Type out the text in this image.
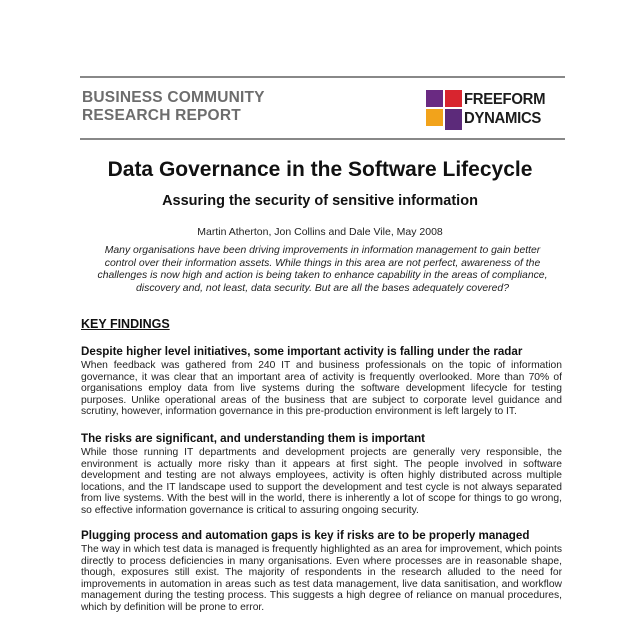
BUSINESS COMMUNITY
RESEARCH REPORT
FREEFORM
DYNAMICS
Data Governance in the Software Lifecycle
Assuring the security of sensitive information
Martin Atherton, Jon Collins and Dale Vile, May 2008
Many organisations have been driving improvements in information management to gain better control over their information assets. While things in this area are not perfect, awareness of the challenges is now high and action is being taken to enhance capability in the areas of compliance, discovery and, not least, data security. But are all the bases adequately covered?
KEY FINDINGS
Despite higher level initiatives, some important activity is falling under the radar
When feedback was gathered from 240 IT and business professionals on the topic of information governance, it was clear that an important area of activity is frequently overlooked. More than 70% of organisations employ data from live systems during the software development lifecycle for testing purposes. Unlike operational areas of the business that are subject to corporate level guidance and scrutiny, however, information governance in this pre-production environment is left largely to IT.
The risks are significant, and understanding them is important
While those running IT departments and development projects are generally very responsible, the environment is actually more risky than it appears at first sight. The people involved in software development and testing are not always employees, activity is often highly distributed across multiple locations, and the IT landscape used to support the development and test cycle is not always separated from live systems. With the best will in the world, there is inherently a lot of scope for things to go wrong, so effective information governance is critical to assuring ongoing security.
Plugging process and automation gaps is key if risks are to be properly managed
The way in which test data is managed is frequently highlighted as an area for improvement, which points directly to process deficiencies in many organisations. Even where processes are in reasonable shape, though, exposures still exist. The majority of respondents in the research alluded to the need for improvements in automation in areas such as test data management, live data sanitisation, and workflow management during the testing process. This suggests a high degree of reliance on manual procedures, which by definition will be prone to error.
